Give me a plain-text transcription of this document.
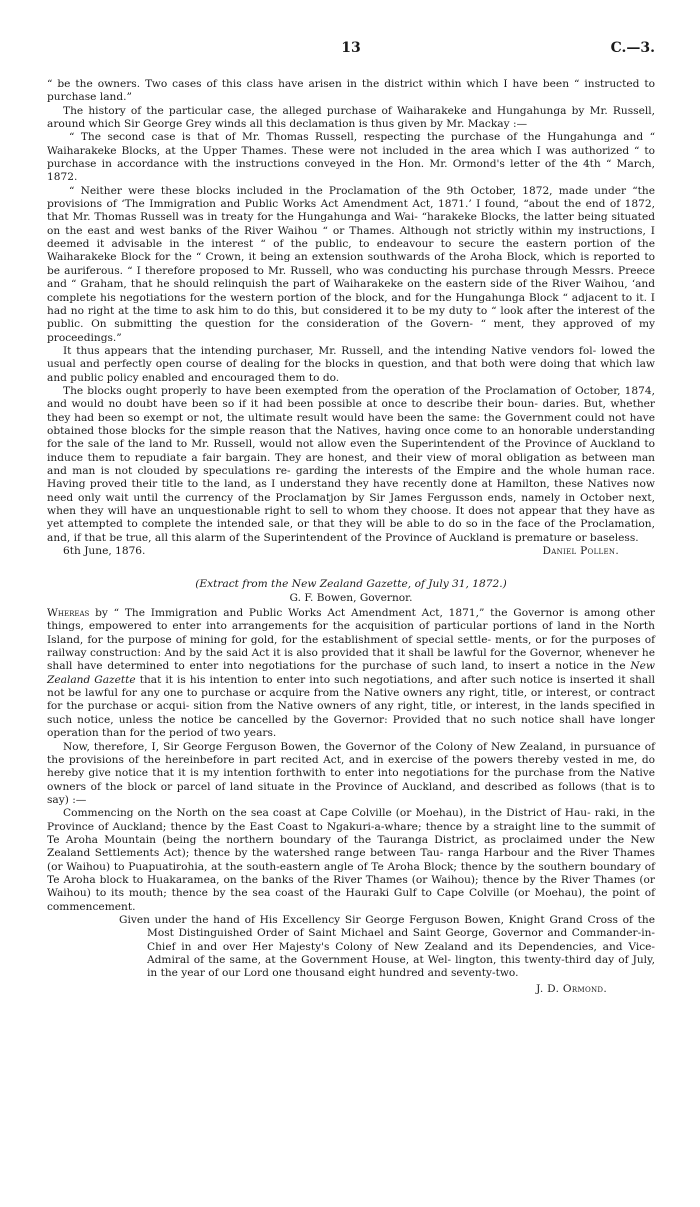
13	C.—3.

“ be the owners. Two cases of this class have arisen in the district within which I have been “ instructed to purchase land.”

The history of the particular case, the alleged purchase of Waiharakeke and Hungahunga by Mr. Russell, around which Sir George Grey winds all this declamation is thus given by Mr. Mackay :—

“ The second case is that of Mr. Thomas Russell, respecting the purchase of the Hungahunga and “ Waiharakeke Blocks, at the Upper Thames. These were not included in the area which I was authorized “ to purchase in accordance with the instructions conveyed in the Hon. Mr. Ormond's letter of the 4th “ March, 1872.

“ Neither were these blocks included in the Proclamation of the 9th October, 1872, made under “the provisions of ‘The Immigration and Public Works Act Amendment Act, 1871.’ I found, “about the end of 1872, that Mr. Thomas Russell was in treaty for the Hungahunga and Wai- “harakeke Blocks, the latter being situated on the east and west banks of the River Waihou “ or Thames. Although not strictly within my instructions, I deemed it advisable in the interest “ of the public, to endeavour to secure the eastern portion of the Waiharakeke Block for the “ Crown, it being an extension southwards of the Aroha Block, which is reported to be auriferous. “ I therefore proposed to Mr. Russell, who was conducting his purchase through Messrs. Preece and “ Graham, that he should relinquish the part of Waiharakeke on the eastern side of the River Waihou, ‘and complete his negotiations for the western portion of the block, and for the Hungahunga Block “ adjacent to it. I had no right at the time to ask him to do this, but considered it to be my duty to “ look after the interest of the public. On submitting the question for the consideration of the Govern- “ ment, they approved of my proceedings.”

It thus appears that the intending purchaser, Mr. Russell, and the intending Native vendors fol- lowed the usual and perfectly open course of dealing for the blocks in question, and that both were doing that which law and public policy enabled and encouraged them to do.

The blocks ought properly to have been exempted from the operation of the Proclamation of October, 1874, and would no doubt have been so if it had been possible at once to describe their boun- daries. But, whether they had been so exempt or not, the ultimate result would have been the same: the Government could not have obtained those blocks for the simple reason that the Natives, having once come to an honorable understanding for the sale of the land to Mr. Russell, would not allow even the Superintendent of the Province of Auckland to induce them to repudiate a fair bargain. They are honest, and their view of moral obligation as between man and man is not clouded by speculations re- garding the interests of the Empire and the whole human race. Having proved their title to the land, as I understand they have recently done at Hamilton, these Natives now need only wait until the currency of the Proclamatjon by Sir James Fergusson ends, namely in October next, when they will have an unquestionable right to sell to whom they choose. It does not appear that they have as yet attempted to complete the intended sale, or that they will be able to do so in the face of the Proclamation, and, if that be true, all this alarm of the Superintendent of the Province of Auckland is premature or baseless.

6th June, 1876.	Daniel Pollen.

(Extract from the New Zealand Gazette, of July 31, 1872.)

G. F. Bowen, Governor.

Whereas by “ The Immigration and Public Works Act Amendment Act, 1871,” the Governor is among other things, empowered to enter into arrangements for the acquisition of particular portions of land in the North Island, for the purpose of mining for gold, for the establishment of special settle- ments, or for the purposes of railway construction: And by the said Act it is also provided that it shall be lawful for the Governor, whenever he shall have determined to enter into negotiations for the purchase of such land, to insert a notice in the New Zealand Gazette that it is his intention to enter into such negotiations, and after such notice is inserted it shall not be lawful for any one to purchase or acquire from the Native owners any right, title, or interest, or contract for the purchase or acqui- sition from the Native owners of any right, title, or interest, in the lands specified in such notice, unless the notice be cancelled by the Governor: Provided that no such notice shall have longer operation than for the period of two years.

Now, therefore, I, Sir George Ferguson Bowen, the Governor of the Colony of New Zealand, in pursuance of the provisions of the hereinbefore in part recited Act, and in exercise of the powers thereby vested in me, do hereby give notice that it is my intention forthwith to enter into negotiations for the purchase from the Native owners of the block or parcel of land situate in the Province of Auckland, and described as follows (that is to say) :—

Commencing on the North on the sea coast at Cape Colville (or Moehau), in the District of Hau- raki, in the Province of Auckland; thence by the East Coast to Ngakuri-a-whare; thence by a straight line to the summit of Te Aroha Mountain (being the northern boundary of the Tauranga District, as proclaimed under the New Zealand Settlements Act); thence by the watershed range between Tau- ranga Harbour and the River Thames (or Waihou) to Puapuatirohia, at the south-eastern angle of Te Aroha Block; thence by the southern boundary of Te Aroha block to Huakaramea, on the banks of the River Thames (or Waihou); thence by the River Thames (or Waihou) to its mouth; thence by the sea coast of the Hauraki Gulf to Cape Colville (or Moehau), the point of commencement.

Given under the hand of His Excellency Sir George Ferguson Bowen, Knight Grand Cross of the Most Distinguished Order of Saint Michael and Saint George, Governor and Commander-in-Chief in and over Her Majesty's Colony of New Zealand and its Dependencies, and Vice-Admiral of the same, at the Government House, at Wel- lington, this twenty-third day of July, in the year of our Lord one thousand eight hundred and seventy-two.

J. D. Ormond.
